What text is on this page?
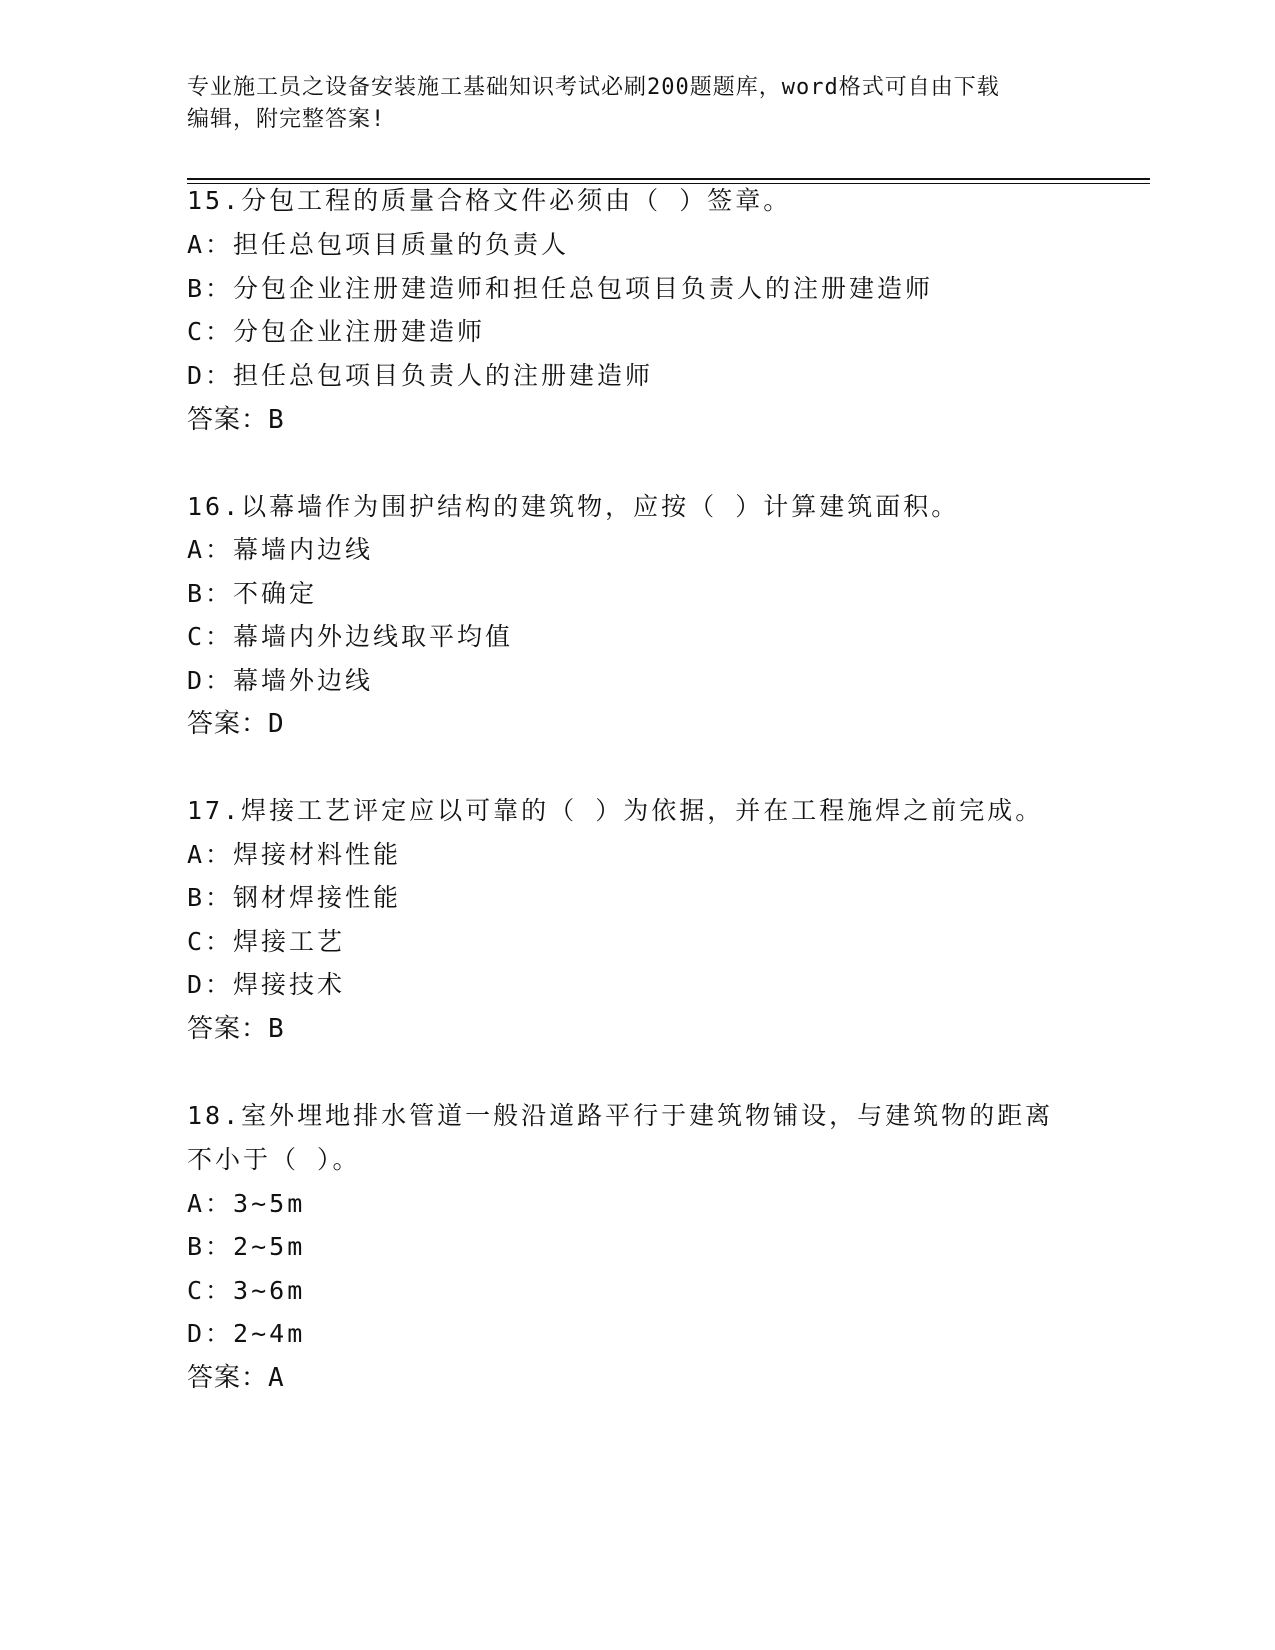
专业施工员之设备安装施工基础知识考试必刷200题题库，word格式可自由下载
编辑，附完整答案!
15.分包工程的质量合格文件必须由（ ）签章。
A：担任总包项目质量的负责人
B：分包企业注册建造师和担任总包项目负责人的注册建造师
C：分包企业注册建造师
D：担任总包项目负责人的注册建造师
答案：B
16.以幕墙作为围护结构的建筑物，应按（ ）计算建筑面积。
A：幕墙内边线
B：不确定
C：幕墙内外边线取平均值
D：幕墙外边线
答案：D
17.焊接工艺评定应以可靠的（ ）为依据，并在工程施焊之前完成。
A：焊接材料性能
B：钢材焊接性能
C：焊接工艺
D：焊接技术
答案：B
18.室外埋地排水管道一般沿道路平行于建筑物铺设，与建筑物的距离
不小于（ ）。
A：3~5m
B：2~5m
C：3~6m
D：2~4m
答案：A
